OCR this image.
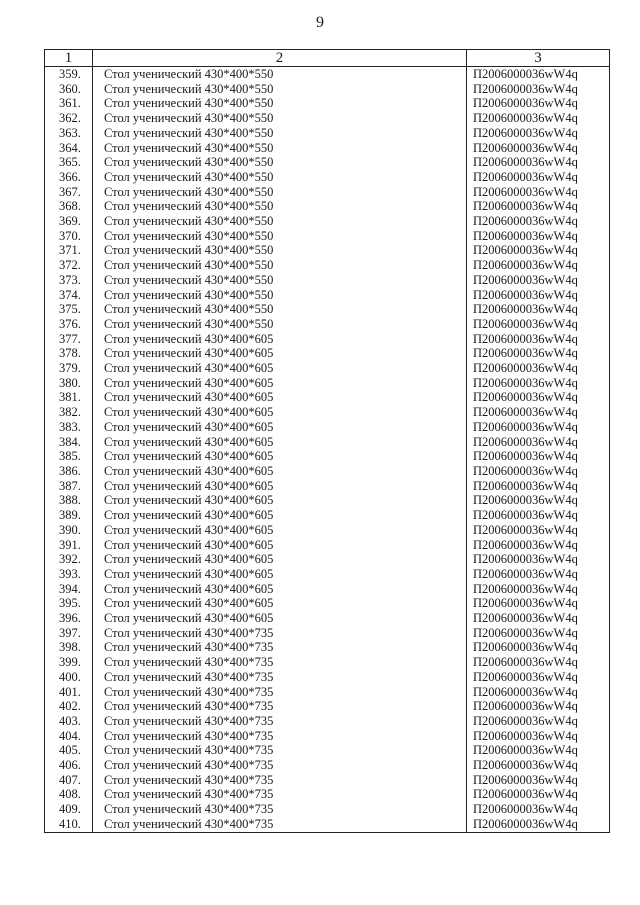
9
1	2	3
359.	Стол ученический 430*400*550	П2006000036wW4q
360.	Стол ученический 430*400*550	П2006000036wW4q
361.	Стол ученический 430*400*550	П2006000036wW4q
362.	Стол ученический 430*400*550	П2006000036wW4q
363.	Стол ученический 430*400*550	П2006000036wW4q
364.	Стол ученический 430*400*550	П2006000036wW4q
365.	Стол ученический 430*400*550	П2006000036wW4q
366.	Стол ученический 430*400*550	П2006000036wW4q
367.	Стол ученический 430*400*550	П2006000036wW4q
368.	Стол ученический 430*400*550	П2006000036wW4q
369.	Стол ученический 430*400*550	П2006000036wW4q
370.	Стол ученический 430*400*550	П2006000036wW4q
371.	Стол ученический 430*400*550	П2006000036wW4q
372.	Стол ученический 430*400*550	П2006000036wW4q
373.	Стол ученический 430*400*550	П2006000036wW4q
374.	Стол ученический 430*400*550	П2006000036wW4q
375.	Стол ученический 430*400*550	П2006000036wW4q
376.	Стол ученический 430*400*550	П2006000036wW4q
377.	Стол ученический 430*400*605	П2006000036wW4q
378.	Стол ученический 430*400*605	П2006000036wW4q
379.	Стол ученический 430*400*605	П2006000036wW4q
380.	Стол ученический 430*400*605	П2006000036wW4q
381.	Стол ученический 430*400*605	П2006000036wW4q
382.	Стол ученический 430*400*605	П2006000036wW4q
383.	Стол ученический 430*400*605	П2006000036wW4q
384.	Стол ученический 430*400*605	П2006000036wW4q
385.	Стол ученический 430*400*605	П2006000036wW4q
386.	Стол ученический 430*400*605	П2006000036wW4q
387.	Стол ученический 430*400*605	П2006000036wW4q
388.	Стол ученический 430*400*605	П2006000036wW4q
389.	Стол ученический 430*400*605	П2006000036wW4q
390.	Стол ученический 430*400*605	П2006000036wW4q
391.	Стол ученический 430*400*605	П2006000036wW4q
392.	Стол ученический 430*400*605	П2006000036wW4q
393.	Стол ученический 430*400*605	П2006000036wW4q
394.	Стол ученический 430*400*605	П2006000036wW4q
395.	Стол ученический 430*400*605	П2006000036wW4q
396.	Стол ученический 430*400*605	П2006000036wW4q
397.	Стол ученический 430*400*735	П2006000036wW4q
398.	Стол ученический 430*400*735	П2006000036wW4q
399.	Стол ученический 430*400*735	П2006000036wW4q
400.	Стол ученический 430*400*735	П2006000036wW4q
401.	Стол ученический 430*400*735	П2006000036wW4q
402.	Стол ученический 430*400*735	П2006000036wW4q
403.	Стол ученический 430*400*735	П2006000036wW4q
404.	Стол ученический 430*400*735	П2006000036wW4q
405.	Стол ученический 430*400*735	П2006000036wW4q
406.	Стол ученический 430*400*735	П2006000036wW4q
407.	Стол ученический 430*400*735	П2006000036wW4q
408.	Стол ученический 430*400*735	П2006000036wW4q
409.	Стол ученический 430*400*735	П2006000036wW4q
410.	Стол ученический 430*400*735	П2006000036wW4q
